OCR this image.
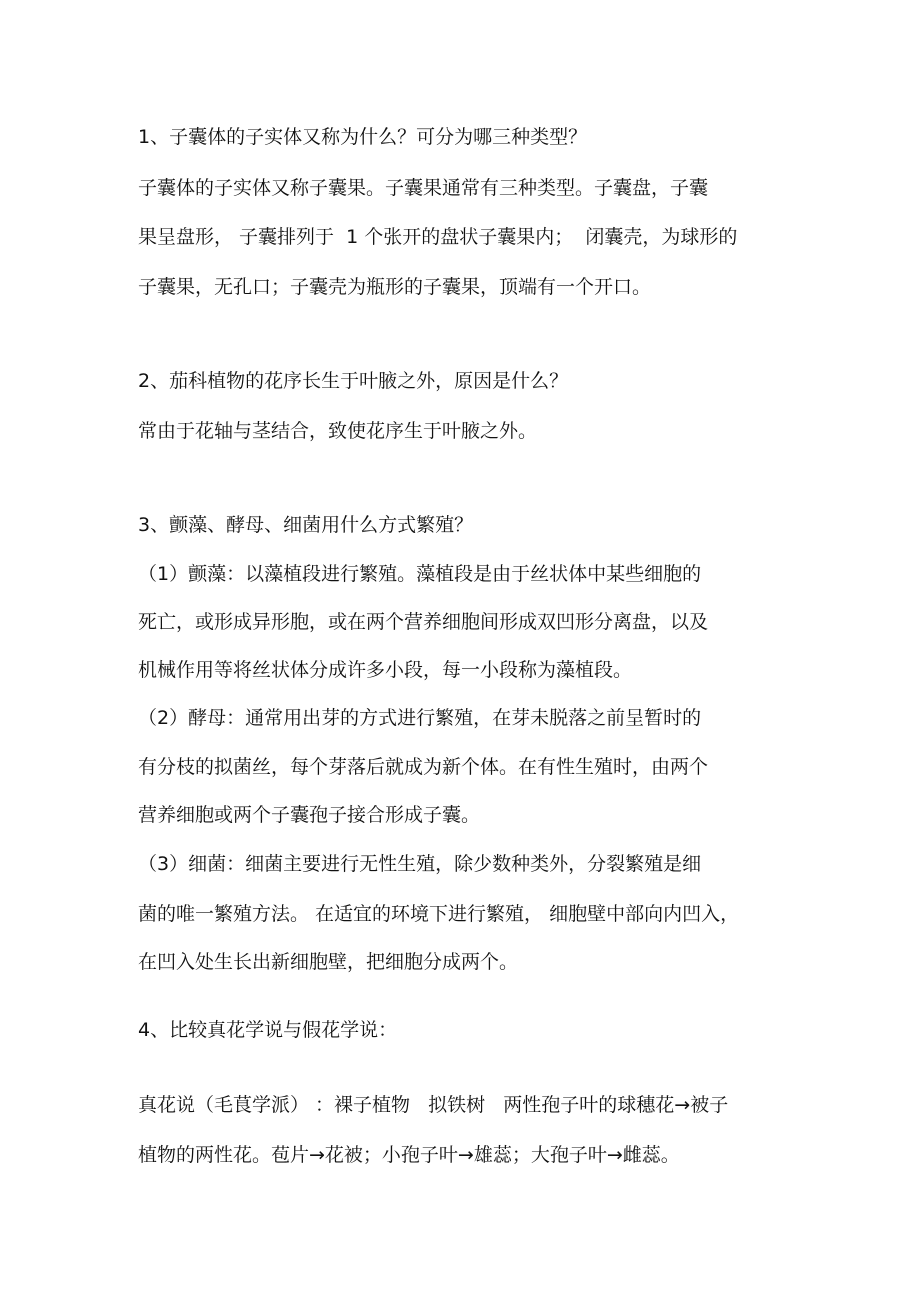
1、子囊体的子实体又称为什么？可分为哪三种类型？
子囊体的子实体又称子囊果。子囊果通常有三种类型。子囊盘，子囊
果呈盘形， 子囊排列于  1 个张开的盘状子囊果内；  闭囊壳，为球形的
子囊果，无孔口；子囊壳为瓶形的子囊果，顶端有一个开口。
2、茄科植物的花序长生于叶腋之外，原因是什么？
常由于花轴与茎结合，致使花序生于叶腋之外。
3、颤藻、酵母、细菌用什么方式繁殖？
（1）颤藻：以藻植段进行繁殖。藻植段是由于丝状体中某些细胞的
死亡，或形成异形胞，或在两个营养细胞间形成双凹形分离盘，以及
机械作用等将丝状体分成许多小段，每一小段称为藻植段。
（2）酵母：通常用出芽的方式进行繁殖，在芽未脱落之前呈暂时的
有分枝的拟菌丝，每个芽落后就成为新个体。在有性生殖时，由两个
营养细胞或两个子囊孢子接合形成子囊。
（3）细菌：细菌主要进行无性生殖，除少数种类外，分裂繁殖是细
菌的唯一繁殖方法。 在适宜的环境下进行繁殖， 细胞壁中部向内凹入，
在凹入处生长出新细胞壁，把细胞分成两个。
4、比较真花学说与假花学说：
真花说（毛茛学派） ：裸子植物   拟铁树   两性孢子叶的球穗花→被子
植物的两性花。苞片→花被；小孢子叶→雄蕊；大孢子叶→雌蕊。
